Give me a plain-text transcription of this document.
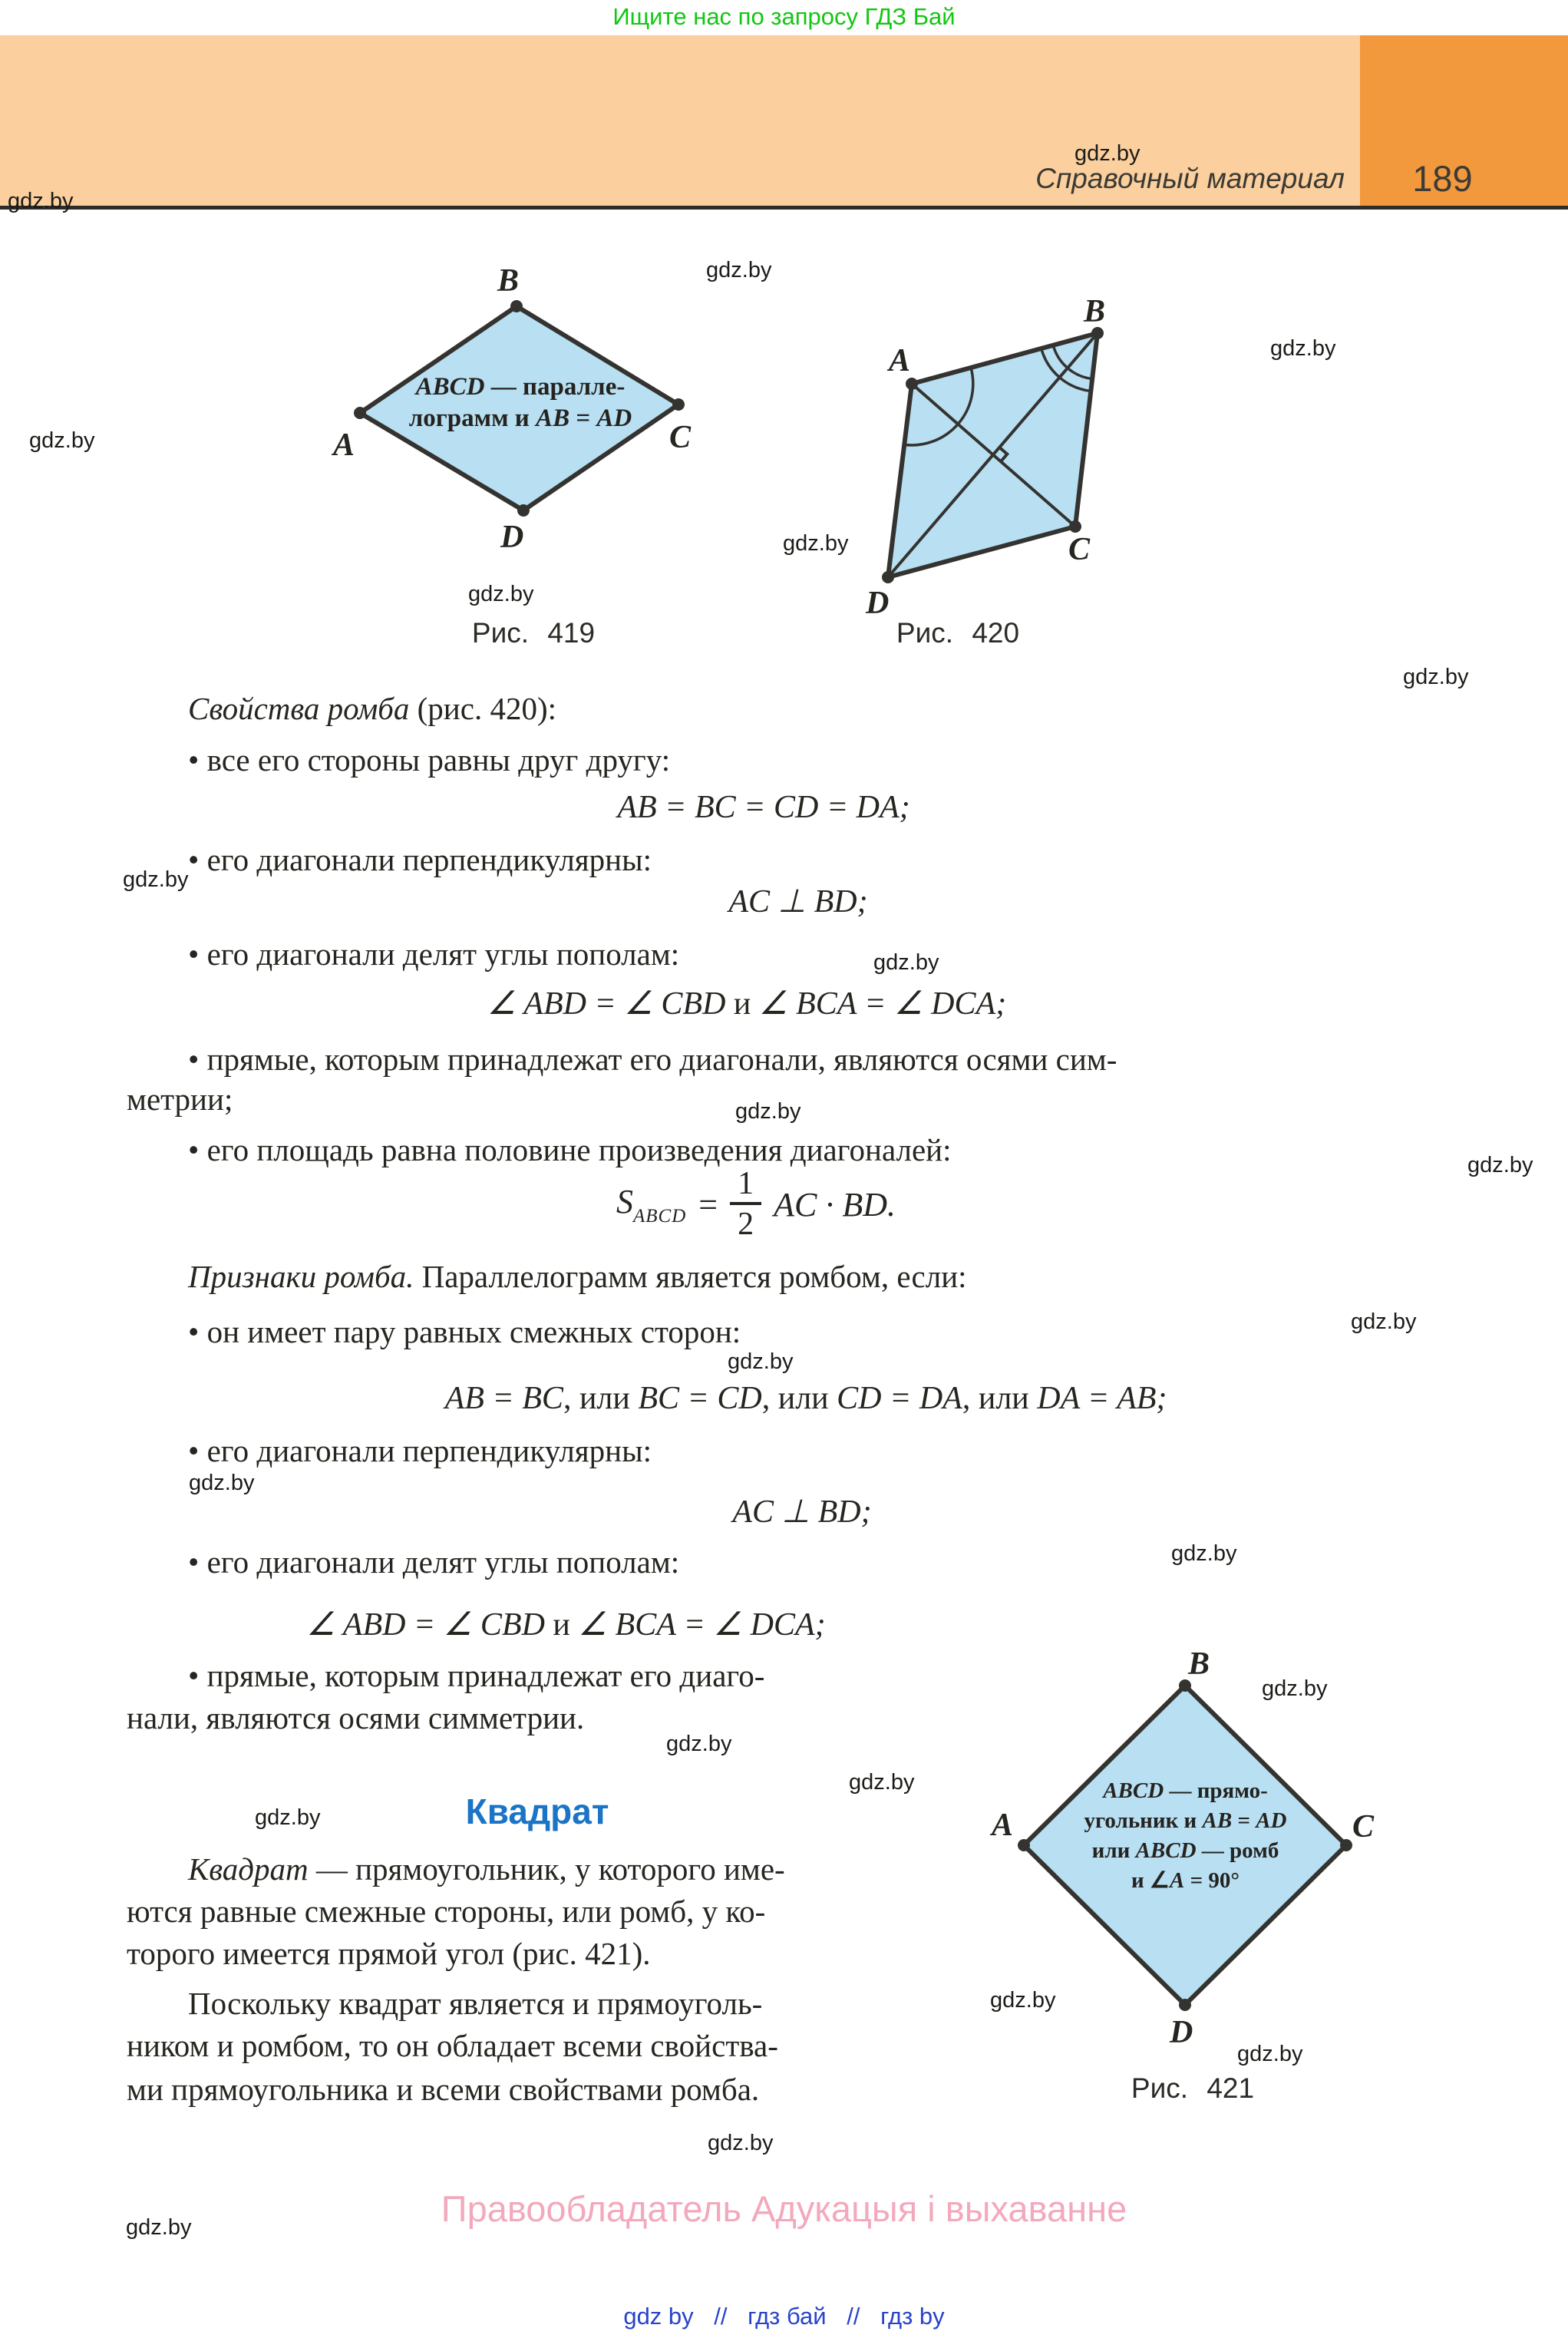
Ищите нас по запросу ГДЗ Бай
189
Справочный материал
gdz.by
gdz.by
B
A	C
D
ABCD — паралле-
лограмм и AB = AD
gdz.by
gdz.by
Рис. 419
A
B
C
D
gdz.by
gdz.by
Рис. 420
gdz.by
gdz.by
Свойства ромба (рис. 420):
• все его стороны равны друг другу:
AB = BC = CD = DA;
• его диагонали перпендикулярны:
gdz.by
AC ⊥ BD;
• его диагонали делят углы пополам:	gdz.by
∠ ABD = ∠ CBD и ∠ BCA = ∠ DCA;
• прямые, которым принадлежат его диагонали, являются осями сим-
метрии;	gdz.by
• его площадь равна половине произведения диагоналей:	gdz.by
$S_{ABCD} = \frac{1}{2}$ AC · BD.
Признаки ромба. Параллелограмм является ромбом, если:
gdz.by
• он имеет пару равных смежных сторон:
gdz.by
AB = BC, или BC = CD, или CD = DA, или DA = AB;
• его диагонали перпендикулярны:
gdz.by
AC ⊥ BD;
gdz.by
• его диагонали делят углы пополам:
∠ ABD = ∠ CBD и ∠ BCA = ∠ DCA;
• прямые, которым принадлежат его диаго-
нали, являются осями симметрии.
gdz.by
gdz.by
Квадрат
gdz.by
Квадрат — прямоугольник, у которого име-
ются равные смежные стороны, или ромб, у ко-
торого имеется прямой угол (рис. 421).
Поскольку квадрат является и прямоуголь-
ником и ромбом, то он обладает всеми свойства-
ми прямоугольника и всеми свойствами ромба.
B
A	C
D
ABCD — прямо-
угольник и AB = AD
или ABCD — ромб
и ∠A = 90°
gdz.by
gdz.by
gdz.by
Рис. 421
gdz.by
Правообладатель Адукацыя і выхаванне
gdz.by
gdz by // гдз бай // гдз by
